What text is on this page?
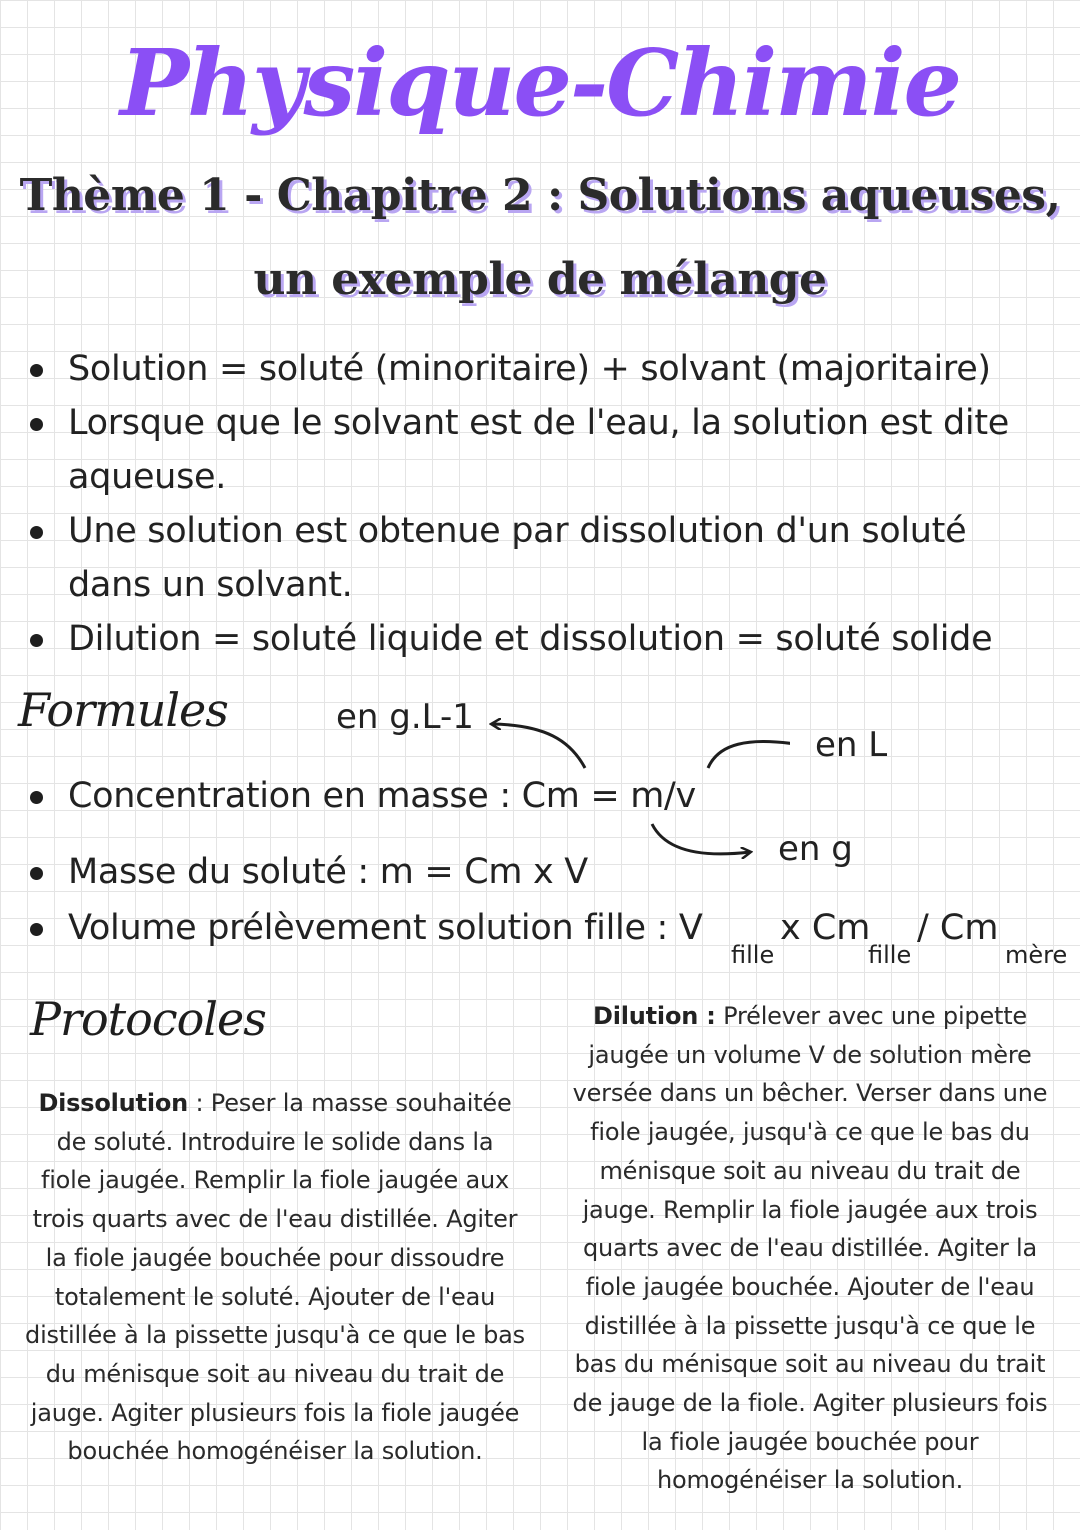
Physique-Chimie
Thème 1 - Chapitre 2 : Solutions aqueuses,
un exemple de mélange
Solution = soluté (minoritaire) + solvant (majoritaire)
Lorsque que le solvant est de l'eau, la solution est dite
aqueuse.
Une solution est obtenue par dissolution d'un soluté
dans un solvant.
Dilution = soluté liquide et dissolution = soluté solide
Formules	en g.L-1
en L
en g
Concentration en masse : Cm = m/v
Masse du soluté : m = Cm x V
Volume prélèvement solution fille : V
fille
x Cm
fille
/ Cm
mère
Protocoles
Dissolution : Peser la masse souhaitée
de soluté. Introduire le solide dans la
fiole jaugée. Remplir la fiole jaugée aux
trois quarts avec de l'eau distillée. Agiter
la fiole jaugée bouchée pour dissoudre
totalement le soluté. Ajouter de l'eau
distillée à la pissette jusqu'à ce que le bas
du ménisque soit au niveau du trait de
jauge. Agiter plusieurs fois la fiole jaugée
bouchée homogénéiser la solution.
Dilution : Prélever avec une pipette
jaugée un volume V de solution mère
versée dans un bêcher. Verser dans une
fiole jaugée, jusqu'à ce que le bas du
ménisque soit au niveau du trait de
jauge. Remplir la fiole jaugée aux trois
quarts avec de l'eau distillée. Agiter la
fiole jaugée bouchée. Ajouter de l'eau
distillée à la pissette jusqu'à ce que le
bas du ménisque soit au niveau du trait
de jauge de la fiole. Agiter plusieurs fois
la fiole jaugée bouchée pour
homogénéiser la solution.
